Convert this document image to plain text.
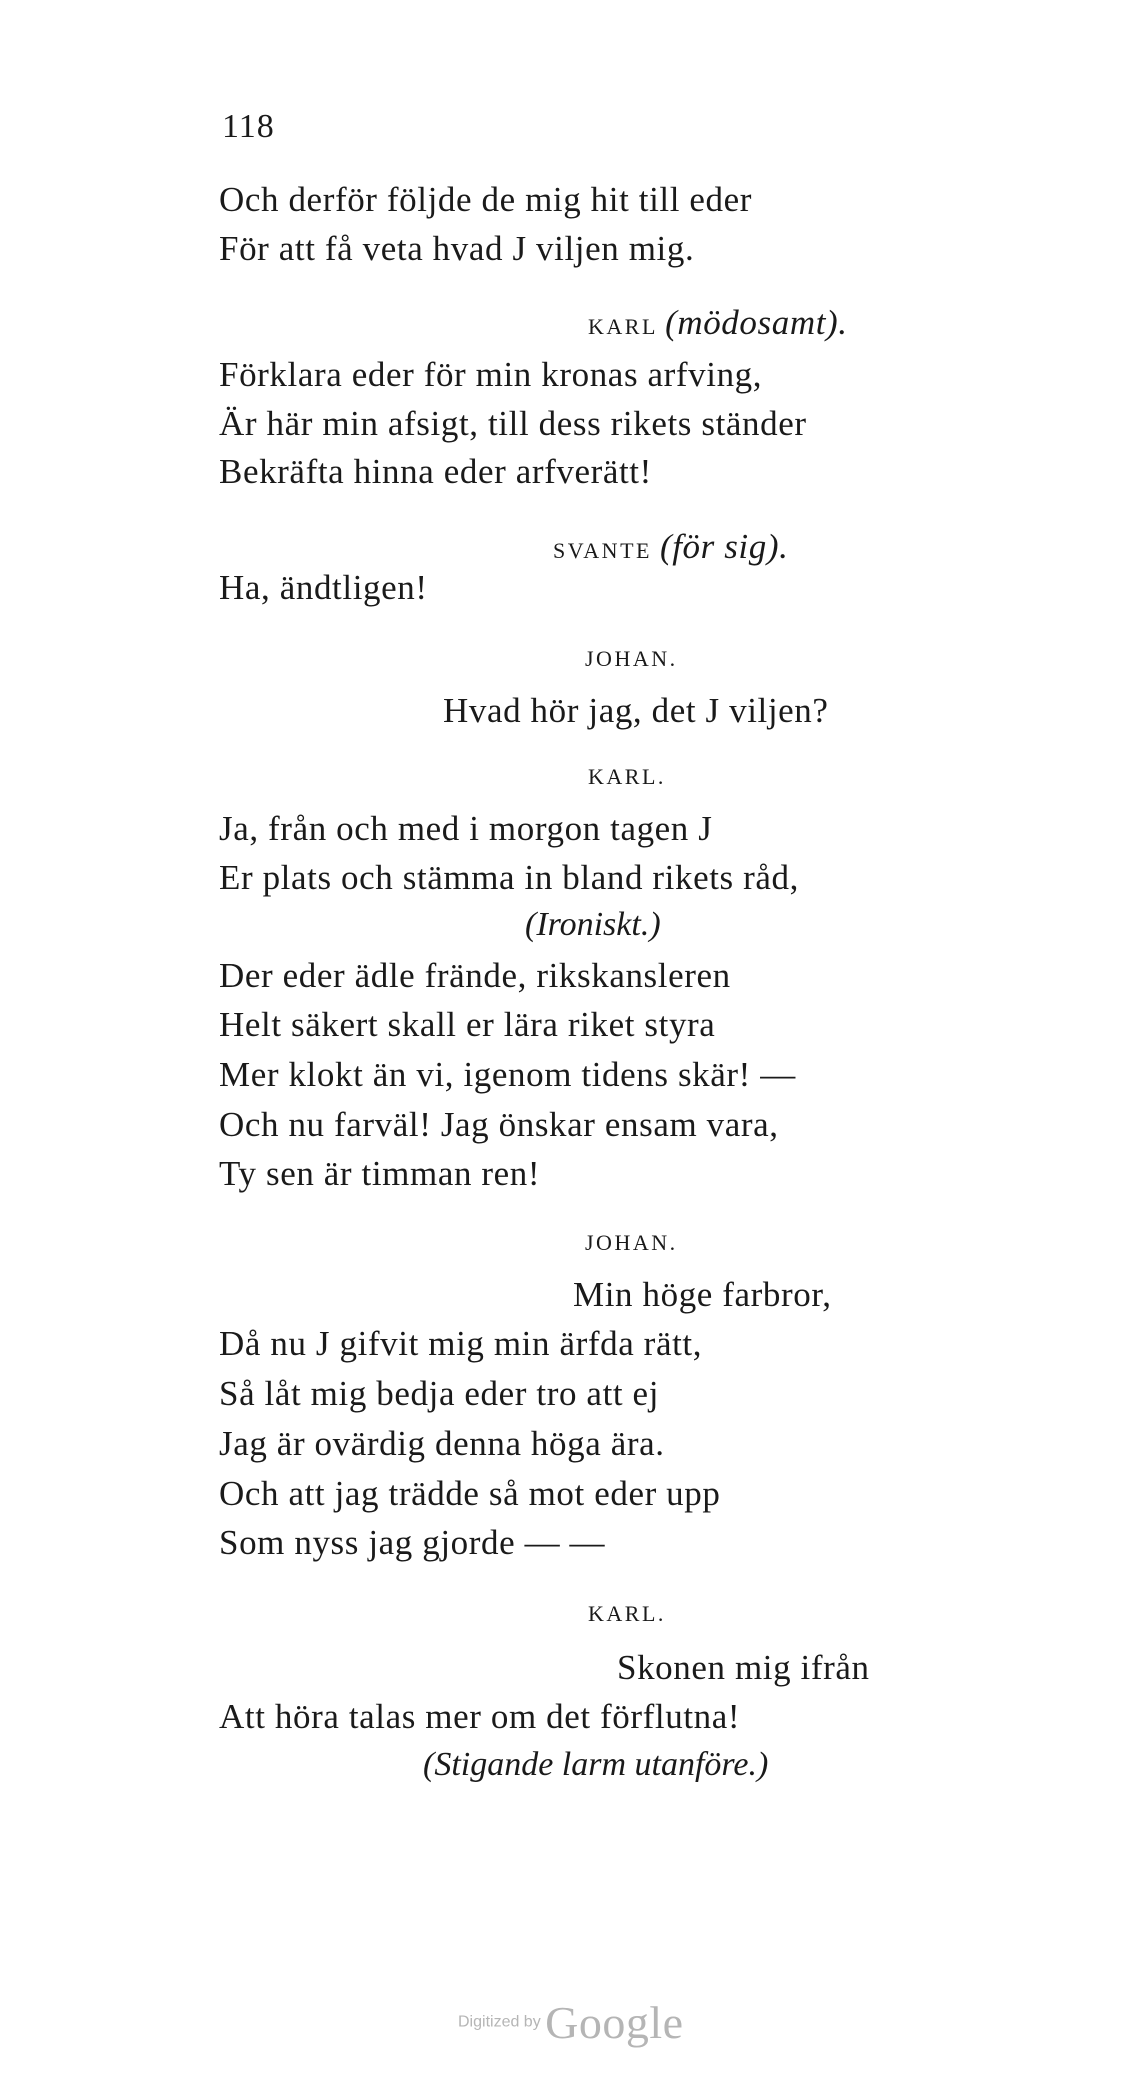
118
Och derför följde de mig hit till eder
För att få veta hvad J viljen mig.
KARL (mödosamt).
Förklara eder för min kronas arfving,
Är här min afsigt, till dess rikets ständer
Bekräfta hinna eder arfverätt!
SVANTE (för sig).
Ha, ändtligen!
JOHAN.
Hvad hör jag, det J viljen?
KARL.
Ja, från och med i morgon tagen J
Er plats och stämma in bland rikets råd,
(Ironiskt.)
Der eder ädle frände, rikskansleren
Helt säkert skall er lära riket styra
Mer klokt än vi, igenom tidens skär! —
Och nu farväl! Jag önskar ensam vara,
Ty sen är timman ren!
JOHAN.
Min höge farbror,
Då nu J gifvit mig min ärfda rätt,
Så låt mig bedja eder tro att ej
Jag är ovärdig denna höga ära.
Och att jag trädde så mot eder upp
Som nyss jag gjorde — —
KARL.
Skonen mig ifrån
Att höra talas mer om det förflutna!
(Stigande larm utanföre.)
Digitized by Google
